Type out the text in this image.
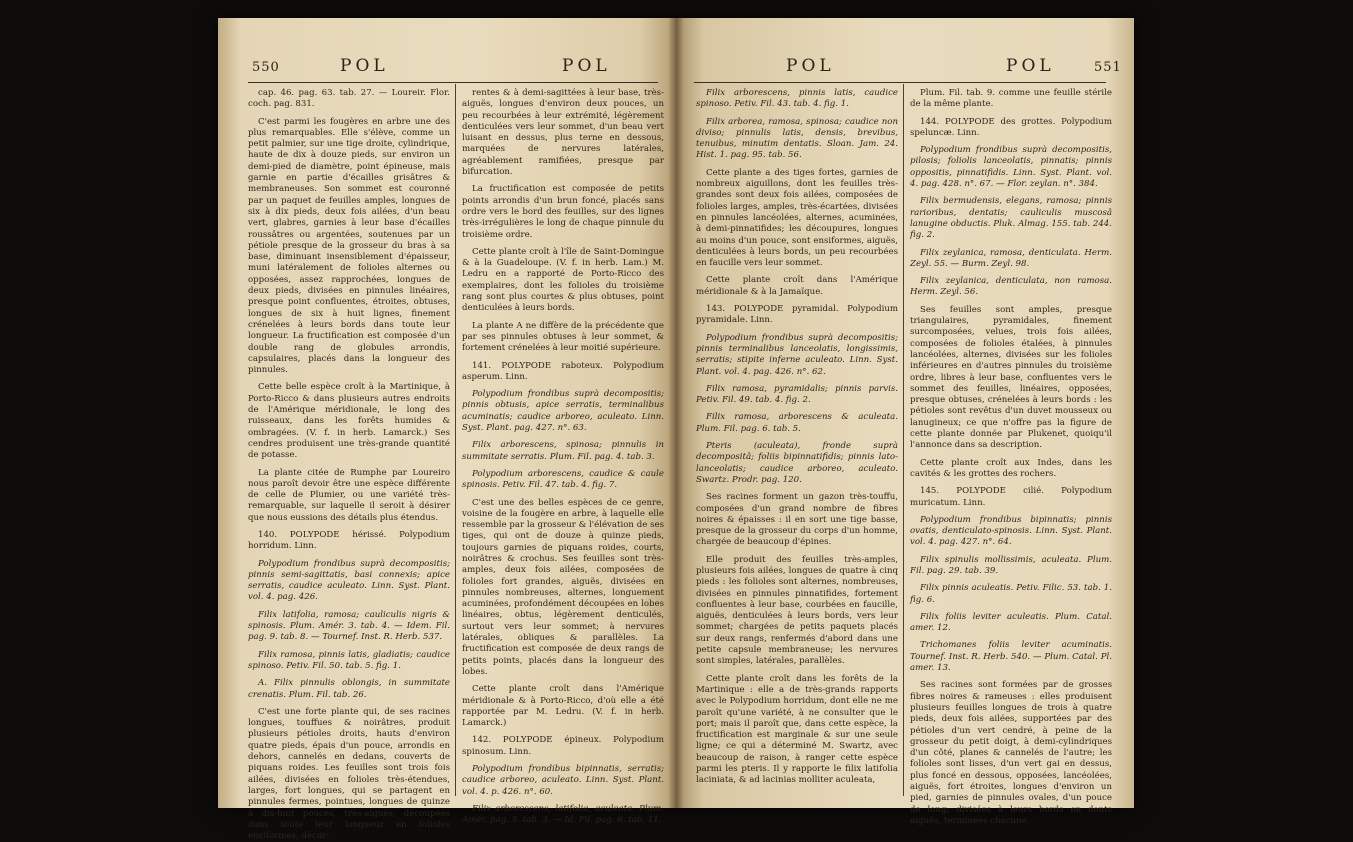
550	POL	POL

cap. 46. pag. 63. tab. 27. — Loureir. Flor. coch. pag. 831.

C'est parmi les fougères en arbre une des plus remarquables. Elle s'élève, comme un petit palmier, sur une tige droite, cylindrique, haute de dix à douze pieds, sur environ un demi-pied de diamètre, point épineuse, mais garnie en partie d'écailles grisâtres & membraneuses. Son sommet est couronné par un paquet de feuilles amples, longues de six à dix pieds, deux fois ailées, d'un beau vert, glabres, garnies à leur base d'écailles roussâtres ou argentées, soutenues par un pétiole presque de la grosseur du bras à sa base, diminuant insensiblement d'épaisseur, muni latéralement de folioles alternes ou opposées, assez rapprochées, longues de deux pieds, divisées en pinnules linéaires, presque point confluentes, étroites, obtuses, longues de six à huit lignes, finement crénelées à leurs bords dans toute leur longueur. La fructification est composée d'un double rang de globules arrondis, capsulaires, placés dans la longueur des pinnules.

Cette belle espèce croît à la Martinique, à Porto-Ricco & dans plusieurs autres endroits de l'Amérique méridionale, le long des ruisseaux, dans les forêts humides & ombragées. (V. f. in herb. Lamarck.) Ses cendres produisent une très-grande quantité de potasse.

La plante citée de Rumphe par Loureiro nous paroît devoir être une espèce différente de celle de Plumier, ou une variété très-remarquable, sur laquelle il seroit à désirer que nous eussions des détails plus étendus.

140. POLYPODE hérissé. Polypodium horridum. Linn.

Polypodium frondibus suprà decompositis; pinnis semi-sagittatis, basi connexis; apice serratis, caudice aculeato. Linn. Syst. Plant. vol. 4. pag. 426.

Filix latifolia, ramosa; cauliculis nigris & spinosis. Plum. Amér. 3. tab. 4. — Idem. Fil. pag. 9. tab. 8. — Tournef. Inst. R. Herb. 537.

Filix ramosa, pinnis latis, gladiatis; caudice spinoso. Petiv. Fil. 50. tab. 5. fig. 1.

A. Filix pinnulis oblongis, in summitate crenatis. Plum. Fil. tab. 26.

C'est une forte plante qui, de ses racines longues, touffues & noirâtres, produit plusieurs pétioles droits, hauts d'environ quatre pieds, épais d'un pouce, arrondis en dehors, cannelés en dedans, couverts de piquans roides. Les feuilles sont trois fois ailées, divisées en folioles très-étendues, larges, fort longues, qui se partagent en pinnules fermes, pointues, longues de quinze à dix-huit pouces, très-aiguës, découpées dans toute leur longueur en folioles ensiformes, décur-

rentes & à demi-sagittées à leur base, très-aiguës, longues d'environ deux pouces, un peu recourbées à leur extrémité, légèrement denticulées vers leur sommet, d'un beau vert luisant en dessus, plus terne en dessous, marquées de nervures latérales, agréablement ramifiées, presque par bifurcation.

La fructification est composée de petits points arrondis d'un brun foncé, placés sans ordre vers le bord des feuilles, sur des lignes très-irrégulières le long de chaque pinnule du troisième ordre.

Cette plante croît à l'île de Saint-Domingue & à la Guadeloupe. (V. f. in herb. Lam.) M. Ledru en a rapporté de Porto-Ricco des exemplaires, dont les folioles du troisième rang sont plus courtes & plus obtuses, point denticulées à leurs bords.

La plante A ne diffère de la précédente que par ses pinnules obtuses à leur sommet, & fortement crénelées à leur moitié supérieure.

141. POLYPODE raboteux. Polypodium asperum. Linn.

Polypodium frondibus suprà decompositis; pinnis obtusis, apice serratis, terminalibus acuminatis; caudice arboreo, aculeato. Linn. Syst. Plant. pag. 427. n°. 63.

Filix arborescens, spinosa; pinnulis in summitate serratis. Plum. Fil. pag. 4. tab. 3.

Polypodium arborescens, caudice & caule spinosis. Petiv. Fil. 47. tab. 4. fig. 7.

C'est une des belles espèces de ce genre, voisine de la fougère en arbre, à laquelle elle ressemble par la grosseur & l'élévation de ses tiges, qui ont de douze à quinze pieds, toujours garnies de piquans roides, courts, noirâtres & crochus. Ses feuilles sont très-amples, deux fois ailées, composées de folioles fort grandes, aiguës, divisées en pinnules nombreuses, alternes, longuement acuminées, profondément découpées en lobes linéaires, obtus, légèrement denticulés, surtout vers leur sommet; à nervures latérales, obliques & parallèles. La fructification est composée de deux rangs de petits points, placés dans la longueur des lobes.

Cette plante croît dans l'Amérique méridionale & à Porto-Ricco, d'où elle a été rapportée par M. Ledru. (V. f. in herb. Lamarck.)

142. POLYPODE épineux. Polypodium spinosum. Linn.

Polypodium frondibus bipinnatis, serratis; caudice arboreo, aculeato. Linn. Syst. Plant. vol. 4. p. 426. n°. 60.

Filix arborescens, latifolia, aculeata. Plum. Amér. pag. 3. tab. 3. — Id. Fil. pag. 6. tab. 11.

POL	POL	551

Filix arborescens, pinnis latis, caudice spinoso. Petiv. Fil. 43. tab. 4. fig. 1.

Filix arborea, ramosa, spinosa; caudice non diviso; pinnulis latis, densis, brevibus, tenuibus, minutim dentatis. Sloan. Jam. 24. Hist. 1. pag. 95. tab. 56.

Cette plante a des tiges fortes, garnies de nombreux aiguillons, dont les feuilles très-grandes sont deux fois ailées, composées de folioles larges, amples, très-écartées, divisées en pinnules lancéolées, alternes, acuminées, à demi-pinnatifides; les découpures, longues au moins d'un pouce, sont ensiformes, aiguës, denticulées à leurs bords, un peu recourbées en faucille vers leur sommet.

Cette plante croît dans l'Amérique méridionale & à la Jamaïque.

143. POLYPODE pyramidal. Polypodium pyramidale. Linn.

Polypodium frondibus suprà decompositis; pinnis terminalibus lanceolatis, longissimis, serratis; stipite inferne aculeato. Linn. Syst. Plant. vol. 4. pag. 426. n°. 62.

Filix ramosa, pyramidalis; pinnis parvis. Petiv. Fil. 49. tab. 4. fig. 2.

Filix ramosa, arborescens & aculeata. Plum. Fil. pag. 6. tab. 5.

Pteris (aculeata), fronde suprà decompositâ; foliis bipinnatifidis; pinnis lato-lanceolatis; caudice arboreo, aculeato. Swartz. Prodr. pag. 120.

Ses racines forment un gazon très-touffu, composées d'un grand nombre de fibres noires & épaisses : il en sort une tige basse, presque de la grosseur du corps d'un homme, chargée de beaucoup d'épines.

Elle produit des feuilles très-amples, plusieurs fois ailées, longues de quatre à cinq pieds : les folioles sont alternes, nombreuses, divisées en pinnules pinnatifides, fortement confluentes à leur base, courbées en faucille, aiguës, denticulées à leurs bords, vers leur sommet; chargées de petits paquets placés sur deux rangs, renfermés d'abord dans une petite capsule membraneuse; les nervures sont simples, latérales, parallèles.

Cette plante croît dans les forêts de la Martinique : elle a de très-grands rapports avec le Polypodium horridum, dont elle ne me paroît qu'une variété, à ne consulter que le port; mais il paroît que, dans cette espèce, la fructification est marginale & sur une seule ligne; ce qui a déterminé M. Swartz, avec beaucoup de raison, à ranger cette espèce parmi les pteris. Il y rapporte le filix latifolia laciniata, & ad lacinias molliter aculeata,

Plum. Fil. tab. 9. comme une feuille stérile de la même plante.

144. POLYPODE des grottes. Polypodium speluncæ. Linn.

Polypodium frondibus suprà decompositis, pilosis; foliolis lanceolatis, pinnatis; pinnis oppositis, pinnatifidis. Linn. Syst. Plant. vol. 4. pag. 428. n°. 67. — Flor. zeylan. n°. 384.

Filix bermudensis, elegans, ramosa; pinnis rarioribus, dentatis; cauliculis muscosâ lanugine obductis. Pluk. Almag. 155. tab. 244. fig. 2.

Filix zeylanica, ramosa, denticulata. Herm. Zeyl. 55. — Burm. Zeyl. 98.

Filix zeylanica, denticulata, non ramosa. Herm. Zeyl. 56.

Ses feuilles sont amples, presque triangulaires, pyramidales, finement surcomposées, velues, trois fois ailées, composées de folioles étalées, à pinnules lancéolées, alternes, divisées sur les folioles inférieures en d'autres pinnules du troisième ordre, libres à leur base, confluentes vers le sommet des feuilles, linéaires, opposées, presque obtuses, crénelées à leurs bords : les pétioles sont revêtus d'un duvet mousseux ou lanugineux; ce que n'offre pas la figure de cette plante donnée par Plukenet, quoiqu'il l'annonce dans sa description.

Cette plante croît aux Indes, dans les cavités & les grottes des rochers.

145. POLYPODE cilié. Polypodium muricatum. Linn.

Polypodium frondibus bipinnatis; pinnis ovatis, denticulato-spinosis. Linn. Syst. Plant. vol. 4. pag. 427. n°. 64.

Filix spinulis mollissimis, aculeata. Plum. Fil. pag. 29. tab. 39.

Filix pinnis aculeatis. Petiv. Filic. 53. tab. 1. fig. 6.

Filix foliis leviter aculeatis. Plum. Catal. amer. 12.

Trichomanes foliis leviter acuminatis. Tournef. Inst. R. Herb. 540. — Plum. Catal. Pl. amer. 13.

Ses racines sont formées par de grosses fibres noires & rameuses : elles produisent plusieurs feuilles longues de trois à quatre pieds, deux fois ailées, supportées par des pétioles d'un vert cendré, à peine de la grosseur du petit doigt, à demi-cylindriques d'un côté, planes & cannelés de l'autre; les folioles sont lisses, d'un vert gai en dessus, plus foncé en dessous, opposées, lancéolées, aiguës, fort étroites, longues d'environ un pied, garnies de pinnules ovales, d'un pouce de long; divisées à leurs bords en dents aiguës, terminées chacune
